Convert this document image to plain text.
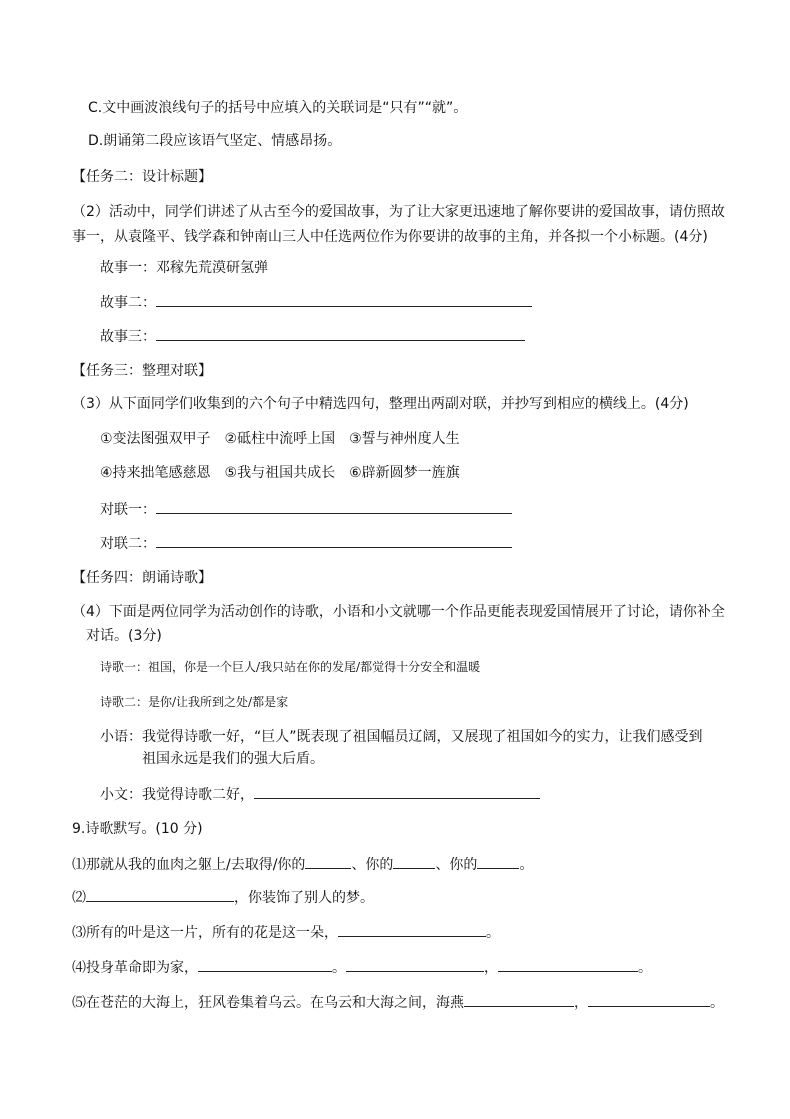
C.文中画波浪线句子的括号中应填入的关联词是“只有”“就”。
D.朗诵第二段应该语气坚定、情感昂扬。
【任务二：设计标题】
（2）活动中，同学们讲述了从古至今的爱国故事，为了让大家更迅速地了解你要讲的爱国故事，请仿照故
事一，从袁隆平、钱学森和钟南山三人中任选两位作为你要讲的故事的主角，并各拟一个小标题。(4分)
故事一：邓稼先荒漠研氢弹
故事二：
故事三：
【任务三：整理对联】
（3）从下面同学们收集到的六个句子中精选四句，整理出两副对联，并抄写到相应的横线上。(4分)
①变法图强双甲子　②砥柱中流呼上国　③誓与神州度人生
④持来拙笔感慈恩　⑤我与祖国共成长　⑥辟新圆梦一旌旗
对联一：
对联二：
【任务四：朗诵诗歌】
（4）下面是两位同学为活动创作的诗歌，小语和小文就哪一个作品更能表现爱国情展开了讨论，请你补全
对话。(3分)
诗歌一：祖国，你是一个巨人/我只站在你的发尾/都觉得十分安全和温暖
诗歌二：是你/让我所到之处/都是家
小语：我觉得诗歌一好，“巨人”既表现了祖国幅员辽阔，又展现了祖国如今的实力，让我们感受到
祖国永远是我们的强大后盾。
小文：我觉得诗歌二好，
9.诗歌默写。(10 分)
⑴那就从我的血肉之躯上/去取得/你的	、你的	、你的	。
⑵	，你装饰了别人的梦。
⑶所有的叶是这一片，所有的花是这一朵，	。
⑷投身革命即为家，	。	，	。
⑸在苍茫的大海上，狂风卷集着乌云。在乌云和大海之间，海燕	，	。
